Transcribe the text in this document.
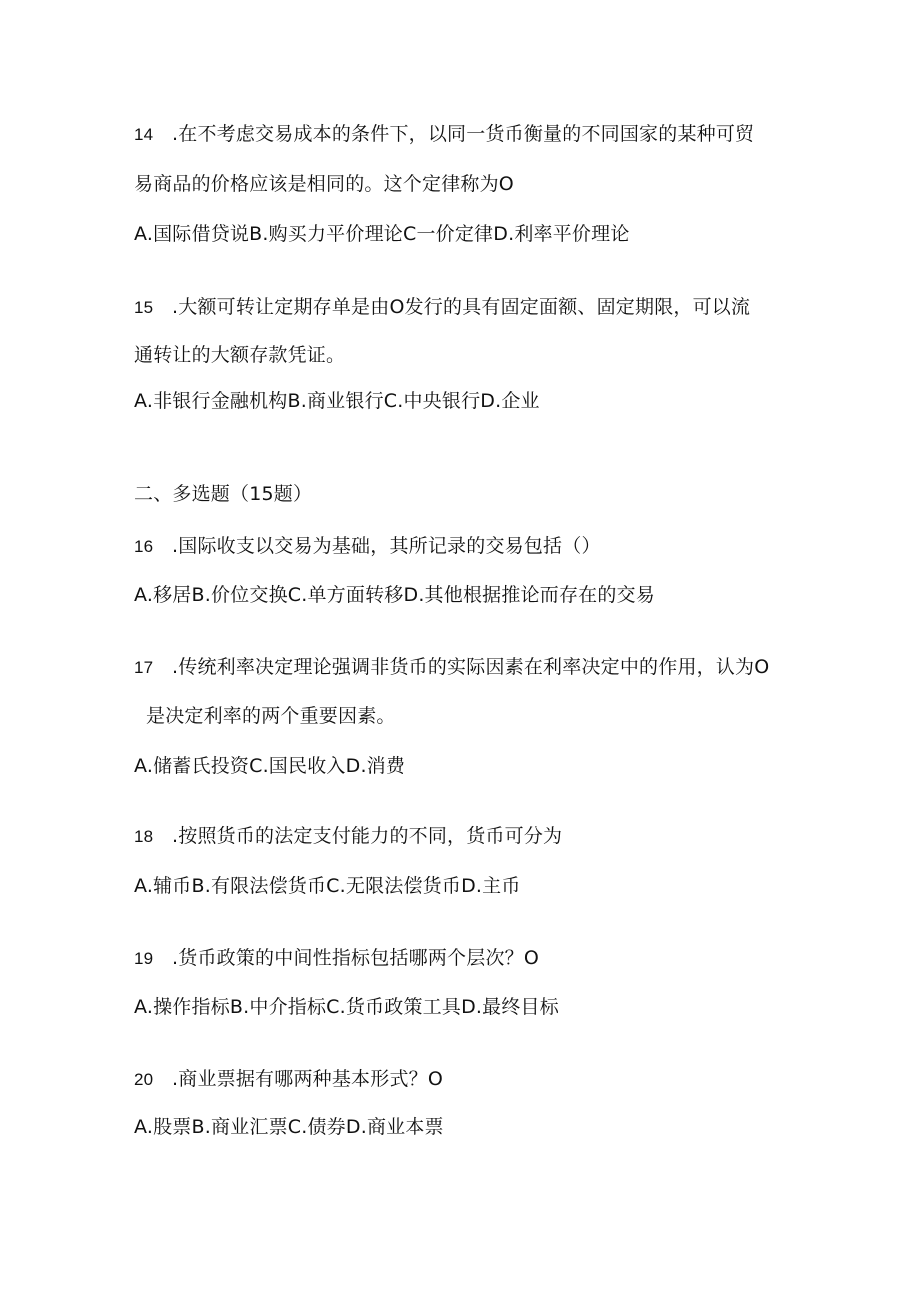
14 .在不考虑交易成本的条件下，以同一货币衡量的不同国家的某种可贸
易商品的价格应该是相同的。这个定律称为O
A.国际借贷说B.购买力平价理论C一价定律D.利率平价理论
15 .大额可转让定期存单是由O发行的具有固定面额、固定期限，可以流
通转让的大额存款凭证。
A.非银行金融机构B.商业银行C.中央银行D.企业
二、多选题（15题）
16 .国际收支以交易为基础，其所记录的交易包括（）
A.移居B.价位交换C.单方面转移D.其他根据推论而存在的交易
17 .传统利率决定理论强调非货币的实际因素在利率决定中的作用，认为O
是决定利率的两个重要因素。
A.储蓄氏投资C.国民收入D.消费
18 .按照货币的法定支付能力的不同，货币可分为
A.辅币B.有限法偿货币C.无限法偿货币D.主币
19 .货币政策的中间性指标包括哪两个层次？O
A.操作指标B.中介指标C.货币政策工具D.最终目标
20 .商业票据有哪两种基本形式？O
A.股票B.商业汇票C.债券D.商业本票
